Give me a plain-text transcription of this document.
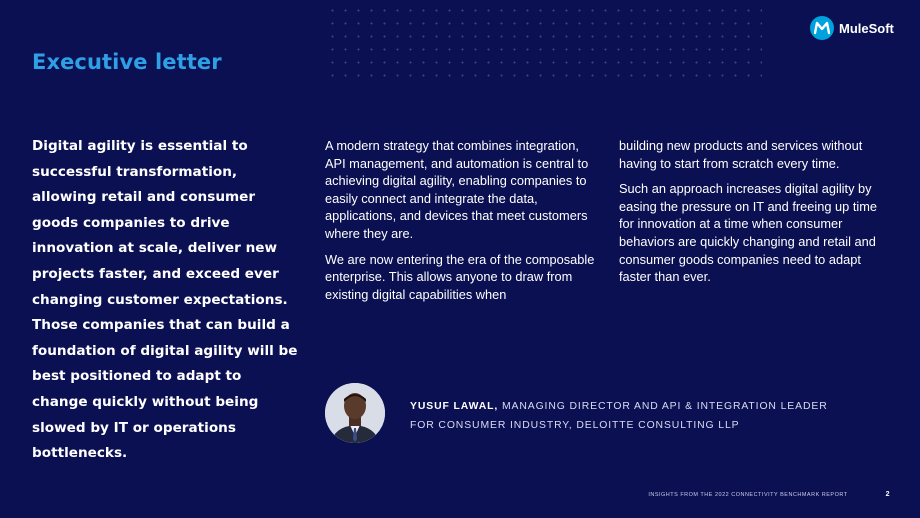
MuleSoft
Executive letter

Digital agility is essential to successful transformation, allowing retail and consumer goods companies to drive innovation at scale, deliver new projects faster, and exceed ever changing customer expectations. Those companies that can build a foundation of digital agility will be best positioned to adapt to change quickly without being slowed by IT or operations bottlenecks.

A modern strategy that combines integration, API management, and automation is central to achieving digital agility, enabling companies to easily connect and integrate the data, applications, and devices that meet customers where they are.

We are now entering the era of the composable enterprise. This allows anyone to draw from existing digital capabilities when

building new products and services without having to start from scratch every time.

Such an approach increases digital agility by easing the pressure on IT and freeing up time for innovation at a time when consumer behaviors are quickly changing and retail and consumer goods companies need to adapt faster than ever.

YUSUF LAWAL, MANAGING DIRECTOR AND API & INTEGRATION LEADER
FOR CONSUMER INDUSTRY, DELOITTE CONSULTING LLP
INSIGHTS FROM THE 2022 CONNECTIVITY BENCHMARK REPORT	2
